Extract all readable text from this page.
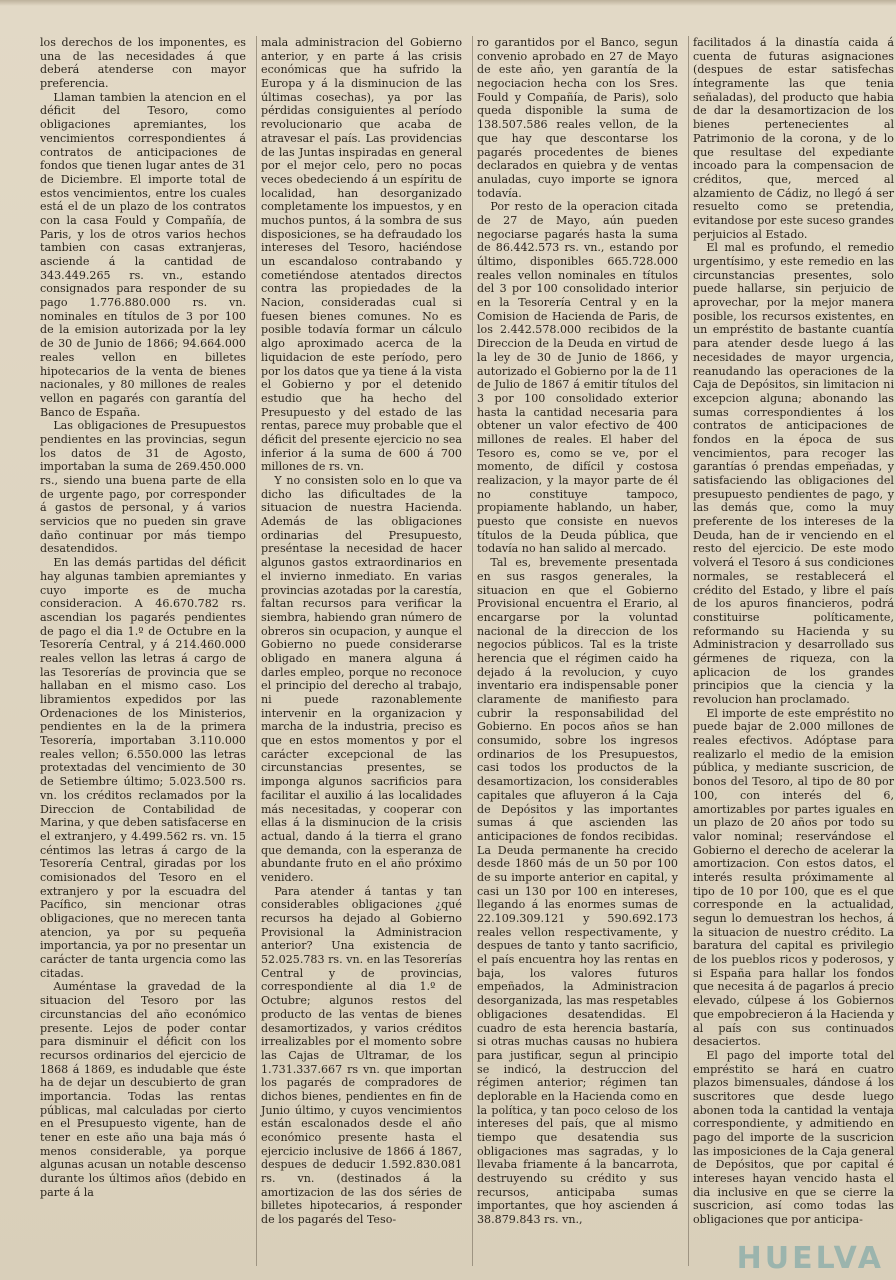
los derechos de los imponentes, es una de las necesidades á que deberá atenderse con mayor preferencia.

Llaman tambien la atencion en el déficit del Tesoro, como obligaciones apremiantes, los vencimientos correspondientes á contratos de anticipaciones de fondos que tienen lugar antes de 31 de Diciembre. El importe total de estos vencimientos, entre los cuales está el de un plazo de los contratos con la casa Fould y Compañía, de Paris, y los de otros varios hechos tambien con casas extranjeras, asciende á la cantidad de 343.449.265 rs. vn., estando consignados para responder de su pago 1.776.880.000 rs. vn. nominales en títulos de 3 por 100 de la emision autorizada por la ley de 30 de Junio de 1866; 94.664.000 reales vellon en billetes hipotecarios de la venta de bienes nacionales, y 80 millones de reales vellon en pagarés con garantía del Banco de España.

Las obligaciones de Presupuestos pendientes en las provincias, segun los datos de 31 de Agosto, importaban la suma de 269.450.000 rs., siendo una buena parte de ella de urgente pago, por corresponder á gastos de personal, y á varios servicios que no pueden sin grave daño continuar por más tiempo desatendidos.

En las demás partidas del déficit hay algunas tambien apremiantes y cuyo importe es de mucha consideracion. A 46.670.782 rs. ascendian los pagarés pendientes de pago el dia 1.º de Octubre en la Tesorería Central, y á 214.460.000 reales vellon las letras á cargo de las Tesorerías de provincia que se hallaban en el mismo caso. Los libramientos expedidos por las Ordenaciones de los Ministerios, pendientes en la de la primera Tesorería, importaban 3.110.000 reales vellon; 6.550.000 las letras protextadas del vencimiento de 30 de Setiembre último; 5.023.500 rs. vn. los créditos reclamados por la Direccion de Contabilidad de Marina, y que deben satisfacerse en el extranjero, y 4.499.562 rs. vn. 15 céntimos las letras á cargo de la Tesorería Central, giradas por los comisionados del Tesoro en el extranjero y por la escuadra del Pacífico, sin mencionar otras obligaciones, que no merecen tanta atencion, ya por su pequeña importancia, ya por no presentar un carácter de tanta urgencia como las citadas.

Auméntase la gravedad de la situacion del Tesoro por las circunstancias del año económico presente. Lejos de poder contar para disminuir el déficit con los recursos ordinarios del ejercicio de 1868 á 1869, es indudable que éste ha de dejar un descubierto de gran importancia. Todas las rentas públicas, mal calculadas por cierto en el Presupuesto vigente, han de tener en este año una baja más ó menos considerable, ya porque algunas acusan un notable descenso durante los últimos años (debido en parte á la

mala administracion del Gobierno anterior, y en parte á las crisis económicas que ha sufrido la Europa y á la disminucion de las últimas cosechas), ya por las pérdidas consiguientes al período revolucionario que acaba de atravesar el país. Las providencias de las Juntas inspiradas en general por el mejor celo, pero no pocas veces obedeciendo á un espíritu de localidad, han desorganizado completamente los impuestos, y en muchos puntos, á la sombra de sus disposiciones, se ha defraudado los intereses del Tesoro, haciéndose un escandaloso contrabando y cometiéndose atentados directos contra las propiedades de la Nacion, consideradas cual si fuesen bienes comunes. No es posible todavía formar un cálculo algo aproximado acerca de la liquidacion de este período, pero por los datos que ya tiene á la vista el Gobierno y por el detenido estudio que ha hecho del Presupuesto y del estado de las rentas, parece muy probable que el déficit del presente ejercicio no sea inferior á la suma de 600 á 700 millones de rs. vn.

Y no consisten solo en lo que va dicho las dificultades de la situacion de nuestra Hacienda. Además de las obligaciones ordinarias del Presupuesto, preséntase la necesidad de hacer algunos gastos extraordinarios en el invierno inmediato. En varias provincias azotadas por la carestía, faltan recursos para verificar la siembra, habiendo gran número de obreros sin ocupacion, y aunque el Gobierno no puede considerarse obligado en manera alguna á darles empleo, porque no reconoce el principio del derecho al trabajo, ni puede razonablemente intervenir en la organizacion y marcha de la industria, preciso es que en estos momentos y por el carácter excepcional de las circunstancias presentes, se imponga algunos sacrificios para facilitar el auxilio á las localidades más necesitadas, y cooperar con ellas á la disminucion de la crisis actual, dando á la tierra el grano que demanda, con la esperanza de abundante fruto en el año próximo venidero.

Para atender á tantas y tan considerables obligaciones ¿qué recursos ha dejado al Gobierno Provisional la Administracion anterior? Una existencia de 52.025.783 rs. vn. en las Tesorerías Central y de provincias, correspondiente al dia 1.º de Octubre; algunos restos del producto de las ventas de bienes desamortizados, y varios créditos irrealizables por el momento sobre las Cajas de Ultramar, de los 1.731.337.667 rs vn. que importan los pagarés de compradores de dichos bienes, pendientes en fin de Junio último, y cuyos vencimientos están escalonados desde el año económico presente hasta el ejercicio inclusive de 1866 á 1867, despues de deducir 1.592.830.081 rs. vn. (destinados á la amortizacion de las dos séries de billetes hipotecarios, á responder de los pagarés del Teso-

ro garantidos por el Banco, segun convenio aprobado en 27 de Mayo de este año, yen garantía de la negociacion hecha con los Sres. Fould y Compañía, de Paris), solo queda disponible la suma de 138.507.586 reales vellon, de la que hay que descontarse los pagarés procedentes de bienes declarados en quiebra y de ventas anuladas, cuyo importe se ignora todavía.

Por resto de la operacion citada de 27 de Mayo, aún pueden negociarse pagarés hasta la suma de 86.442.573 rs. vn., estando por último, disponibles 665.728.000 reales vellon nominales en títulos del 3 por 100 consolidado interior en la Tesorería Central y en la Comision de Hacienda de Paris, de los 2.442.578.000 recibidos de la Direccion de la Deuda en virtud de la ley de 30 de Junio de 1866, y autorizado el Gobierno por la de 11 de Julio de 1867 á emitir títulos del 3 por 100 consolidado exterior hasta la cantidad necesaria para obtener un valor efectivo de 400 millones de reales. El haber del Tesoro es, como se ve, por el momento, de difícil y costosa realizacion, y la mayor parte de él no constituye tampoco, propiamente hablando, un haber, puesto que consiste en nuevos títulos de la Deuda pública, que todavía no han salido al mercado.

Tal es, brevemente presentada en sus rasgos generales, la situacion en que el Gobierno Provisional encuentra el Erario, al encargarse por la voluntad nacional de la direccion de los negocios públicos. Tal es la triste herencia que el régimen caido ha dejado á la revolucion, y cuyo inventario era indispensable poner claramente de manifiesto para cubrir la responsabilidad del Gobierno. En pocos años se han consumido, sobre los ingresos ordinarios de los Presupuestos, casi todos los productos de la desamortizacion, los considerables capitales que afluyeron á la Caja de Depósitos y las importantes sumas á que ascienden las anticipaciones de fondos recibidas. La Deuda permanente ha crecido desde 1860 más de un 50 por 100 de su importe anterior en capital, y casi un 130 por 100 en intereses, llegando á las enormes sumas de 22.109.309.121 y 590.692.173 reales vellon respectivamente, y despues de tanto y tanto sacrificio, el país encuentra hoy las rentas en baja, los valores futuros empeñados, la Administracion desorganizada, las mas respetables obligaciones desatendidas. El cuadro de esta herencia bastaría, si otras muchas causas no hubiera para justificar, segun al principio se indicó, la destruccion del régimen anterior; régimen tan deplorable en la Hacienda como en la política, y tan poco celoso de los intereses del país, que al mismo tiempo que desatendia sus obligaciones mas sagradas, y lo llevaba friamente á la bancarrota, destruyendo su crédito y sus recursos, anticipaba sumas importantes, que hoy ascienden á 38.879.843 rs. vn.,

facilitados á la dinastía caida á cuenta de futuras asignaciones (despues de estar satisfechas íntegramente las que tenia señaladas), del producto que habia de dar la desamortizacion de los bienes pertenecientes al Patrimonio de la corona, y de lo que resultase del expediante incoado para la compensacion de créditos, que, merced al alzamiento de Cádiz, no llegó á ser resuelto como se pretendia, evitandose por este suceso grandes perjuicios al Estado.

El mal es profundo, el remedio urgentísimo, y este remedio en las circunstancias presentes, solo puede hallarse, sin perjuicio de aprovechar, por la mejor manera posible, los recursos existentes, en un empréstito de bastante cuantía para atender desde luego á las necesidades de mayor urgencia, reanudando las operaciones de la Caja de Depósitos, sin limitacion ni excepcion alguna; abonando las sumas correspondientes á los contratos de anticipaciones de fondos en la época de sus vencimientos, para recoger las garantías ó prendas empeñadas, y satisfaciendo las obligaciones del presupuesto pendientes de pago, y las demás que, como la muy preferente de los intereses de la Deuda, han de ir venciendo en el resto del ejercicio. De este modo volverá el Tesoro á sus condiciones normales, se restablecerá el crédito del Estado, y libre el país de los apuros financieros, podrá constituirse políticamente, reformando su Hacienda y su Administracion y desarrollado sus gérmenes de riqueza, con la aplicacion de los grandes principios que la ciencia y la revolucion han proclamado.

El importe de este empréstito no puede bajar de 2.000 millones de reales efectivos. Adóptase para realizarlo el medio de la emision pública, y mediante suscricion, de bonos del Tesoro, al tipo de 80 por 100, con interés del 6, amortizables por partes iguales en un plazo de 20 años por todo su valor nominal; reservándose el Gobierno el derecho de acelerar la amortizacion. Con estos datos, el interés resulta próximamente al tipo de 10 por 100, que es el que corresponde en la actualidad, segun lo demuestran los hechos, á la situacion de nuestro crédito. La baratura del capital es privilegio de los pueblos ricos y poderosos, y si España para hallar los fondos que necesita á de pagarlos á precio elevado, cúlpese á los Gobiernos que empobrecieron á la Hacienda y al país con sus continuados desaciertos.

El pago del importe total del empréstito se hará en cuatro plazos bimensuales, dándose á los suscritores que desde luego abonen toda la cantidad la ventaja correspondiente, y admitiendo en pago del importe de la suscricion las imposiciones de la Caja general de Depósitos, que por capital é intereses hayan vencido hasta el dia inclusive en que se cierre la suscricion, así como todas las obligaciones que por anticipa-

HUELVA
